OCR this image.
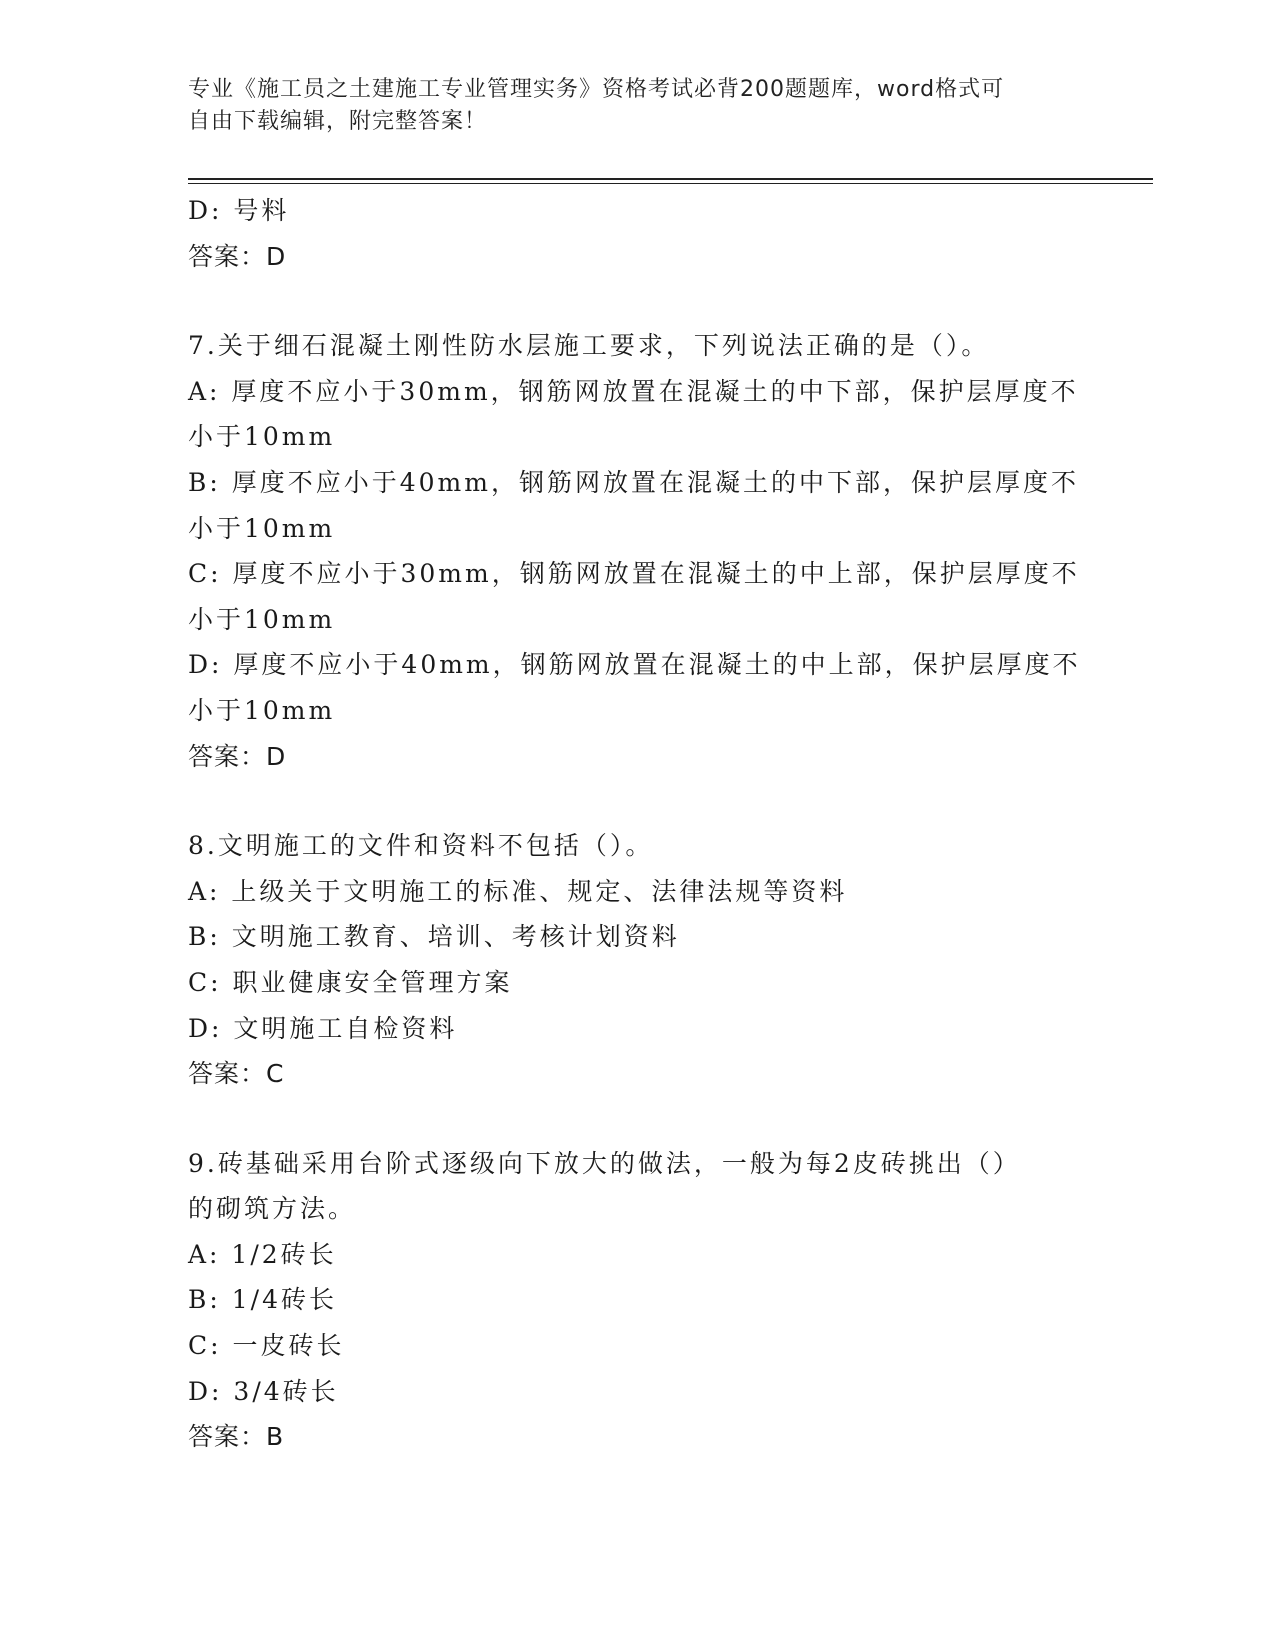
专业《施工员之土建施工专业管理实务》资格考试必背200题题库，word格式可
自由下载编辑，附完整答案！
D: 号料
答案：D
7.关于细石混凝土刚性防水层施工要求，下列说法正确的是（）。
A: 厚度不应小于30mm，钢筋网放置在混凝土的中下部，保护层厚度不
小于10mm
B: 厚度不应小于40mm，钢筋网放置在混凝土的中下部，保护层厚度不
小于10mm
C: 厚度不应小于30mm，钢筋网放置在混凝土的中上部，保护层厚度不
小于10mm
D: 厚度不应小于40mm，钢筋网放置在混凝土的中上部，保护层厚度不
小于10mm
答案：D
8.文明施工的文件和资料不包括（）。
A: 上级关于文明施工的标准、规定、法律法规等资料
B: 文明施工教育、培训、考核计划资料
C: 职业健康安全管理方案
D: 文明施工自检资料
答案：C
9.砖基础采用台阶式逐级向下放大的做法，一般为每2皮砖挑出（）
的砌筑方法。
A: 1/2砖长
B: 1/4砖长
C: 一皮砖长
D: 3/4砖长
答案：B
